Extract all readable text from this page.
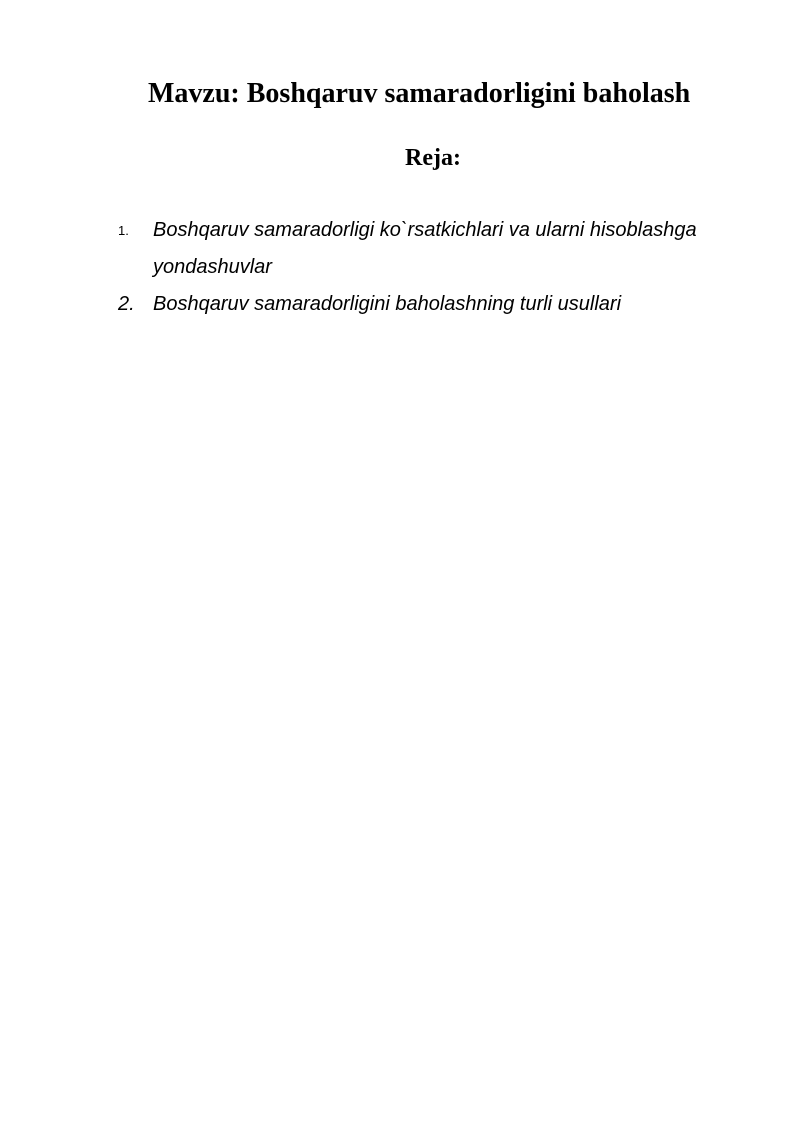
Mavzu: Boshqaruv samaradorligini baholash
Reja:
1. Boshqaruv samaradorligi ko`rsatkichlari va ularni hisoblashga
yondashuvlar
2. Boshqaruv samaradorligini baholashning turli usullari
